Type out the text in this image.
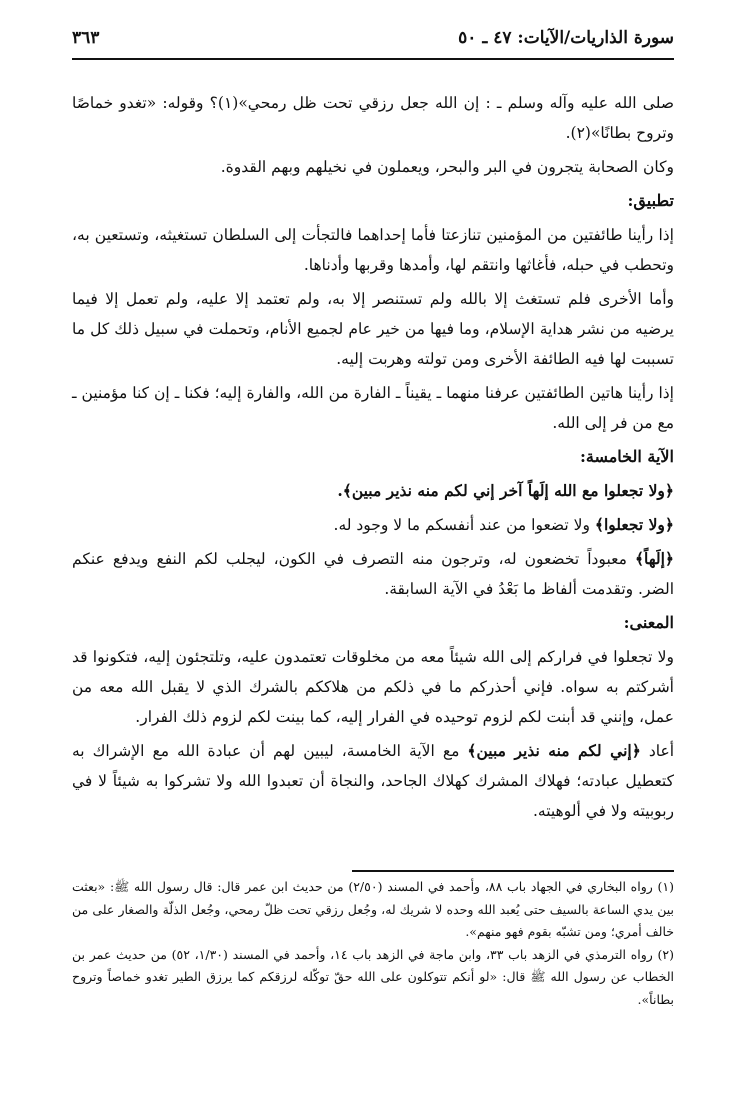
سورة الذاريات/الآيات: ٤٧ ـ ٥٠
٣٦٣

صلى الله عليه وآله وسلم ـ : إن الله جعل رزقي تحت ظل رمحي»(١)؟ وقوله: «تغدو خماصًا وتروح بطانًا»(٢).

وكان الصحابة يتجرون في البر والبحر، ويعملون في نخيلهم وبهم القدوة.

تطبيق:

إذا رأينا طائفتين من المؤمنين تنازعتا فأما إحداهما فالتجأت إلى السلطان تستغيثه، وتستعين به، وتحطب في حبله، فأغاثها وانتقم لها، وأمدها وقربها وأدناها.

وأما الأخرى فلم تستغث إلا بالله ولم تستنصر إلا به، ولم تعتمد إلا عليه، ولم تعمل إلا فيما يرضيه من نشر هداية الإسلام، وما فيها من خير عام لجميع الأنام، وتحملت في سبيل ذلك كل ما تسببت لها فيه الطائفة الأخرى ومن تولته وهربت إليه.

إذا رأينا هاتين الطائفتين عرفنا منهما ـ يقيناً ـ الفارة من الله، والفارة إليه؛ فكنا ـ إن كنا مؤمنين ـ مع من فر إلى الله.

الآية الخامسة:

﴿ولا تجعلوا مع الله إلَهاً آخر إني لكم منه نذير مبين﴾.

﴿ولا تجعلوا﴾ ولا تضعوا من عند أنفسكم ما لا وجود له.

﴿إلَهاً﴾ معبوداً تخضعون له، وترجون منه التصرف في الكون، ليجلب لكم النفع ويدفع عنكم الضر. وتقدمت ألفاظ ما بَعْدُ في الآية السابقة.

المعنى:

ولا تجعلوا في فراركم إلى الله شيئاً معه من مخلوقات تعتمدون عليه، وتلتجئون إليه، فتكونوا قد أشركتم به سواه. فإني أحذركم ما في ذلكم من هلاككم بالشرك الذي لا يقبل الله معه من عمل، وإنني قد أبنت لكم لزوم توحيده في الفرار إليه، كما بينت لكم لزوم ذلك الفرار.

أعاد ﴿إني لكم منه نذير مبين﴾ مع الآية الخامسة، ليبين لهم أن عبادة الله مع الإشراك به كتعطيل عبادته؛ فهلاك المشرك كهلاك الجاحد، والنجاة أن تعبدوا الله ولا تشركوا به شيئاً لا في ربوبيته ولا في ألوهيته.

(١) رواه البخاري في الجهاد باب ٨٨، وأحمد في المسند (٢/٥٠) من حديث ابن عمر قال: قال رسول الله ﷺ: «بعثت بين يدي الساعة بالسيف حتى يُعبد الله وحده لا شريك له، وجُعل رزقي تحت ظلّ رمحي، وجُعل الذلّة والصغار على من خالف أمري؛ ومن تشبّه بقوم فهو منهم».

(٢) رواه الترمذي في الزهد باب ٣٣، وابن ماجة في الزهد باب ١٤، وأحمد في المسند (١/٣٠، ٥٢) من حديث عمر بن الخطاب عن رسول الله ﷺ قال: «لو أنكم تتوكلون على الله حقّ توكّله لرزقكم كما يرزق الطير تغدو خماصاً وتروح بطاناً».
